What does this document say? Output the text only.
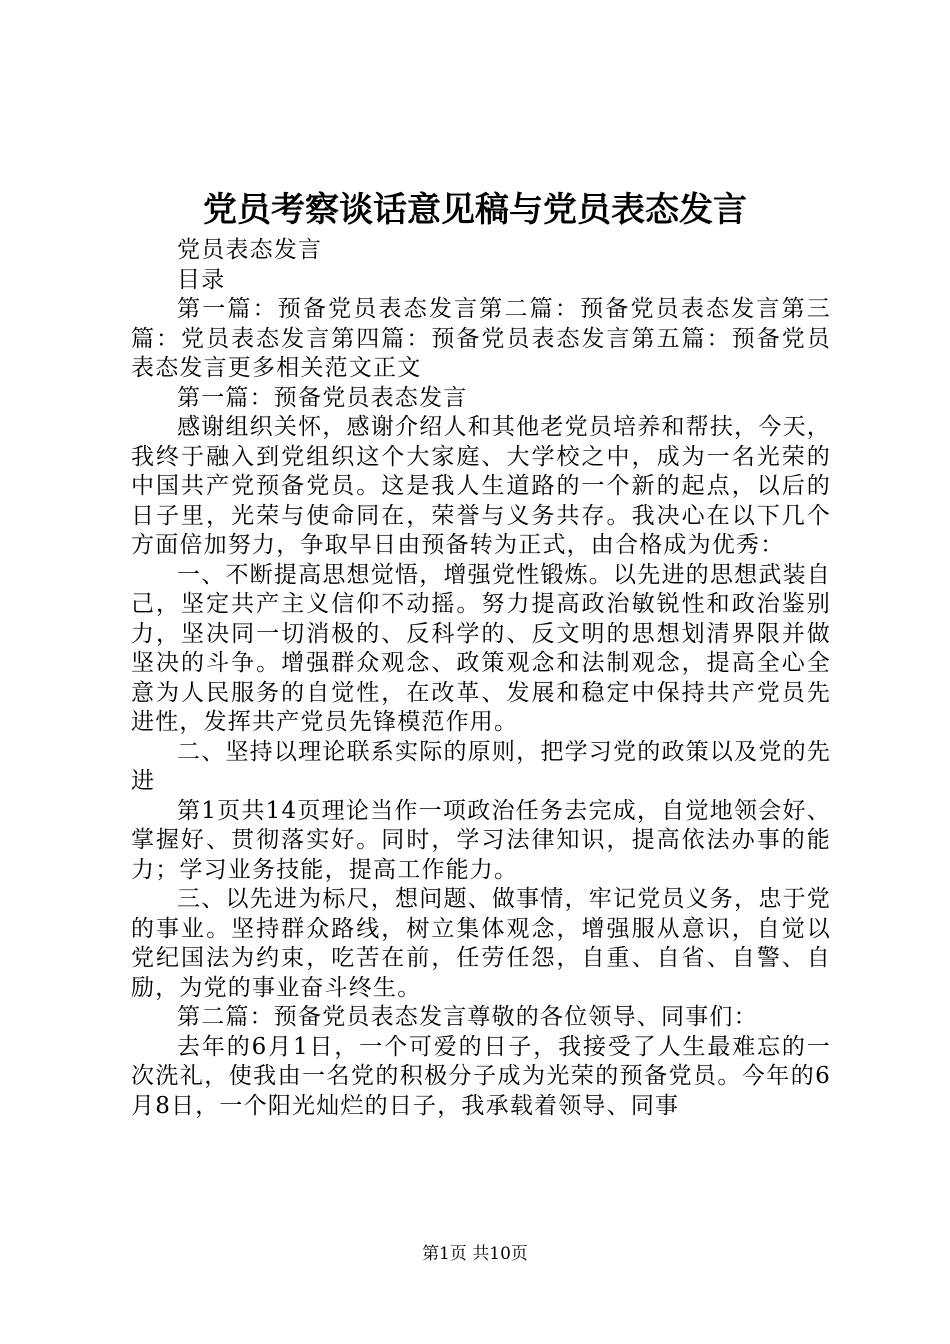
党员考察谈话意见稿与党员表态发言

党员表态发言

目录

第一篇：预备党员表态发言第二篇：预备党员表态发言第三篇：党员表态发言第四篇：预备党员表态发言第五篇：预备党员表态发言更多相关范文正文

第一篇：预备党员表态发言

感谢组织关怀，感谢介绍人和其他老党员培养和帮扶，今天，我终于融入到党组织这个大家庭、大学校之中，成为一名光荣的中国共产党预备党员。这是我人生道路的一个新的起点，以后的日子里，光荣与使命同在，荣誉与义务共存。我决心在以下几个方面倍加努力，争取早日由预备转为正式，由合格成为优秀：

一、不断提高思想觉悟，增强党性锻炼。以先进的思想武装自己，坚定共产主义信仰不动摇。努力提高政治敏锐性和政治鉴别力，坚决同一切消极的、反科学的、反文明的思想划清界限并做坚决的斗争。增强群众观念、政策观念和法制观念，提高全心全意为人民服务的自觉性，在改革、发展和稳定中保持共产党员先进性，发挥共产党员先锋模范作用。

二、坚持以理论联系实际的原则，把学习党的政策以及党的先进

第1页共14页理论当作一项政治任务去完成，自觉地领会好、掌握好、贯彻落实好。同时，学习法律知识，提高依法办事的能力；学习业务技能，提高工作能力。

三、以先进为标尺，想问题、做事情，牢记党员义务，忠于党的事业。坚持群众路线，树立集体观念，增强服从意识，自觉以党纪国法为约束，吃苦在前，任劳任怨，自重、自省、自警、自励，为党的事业奋斗终生。

第二篇：预备党员表态发言尊敬的各位领导、同事们：

去年的6月1日，一个可爱的日子，我接受了人生最难忘的一次洗礼，使我由一名党的积极分子成为光荣的预备党员。今年的6月8日，一个阳光灿烂的日子，我承载着领导、同事

第1页 共10页
